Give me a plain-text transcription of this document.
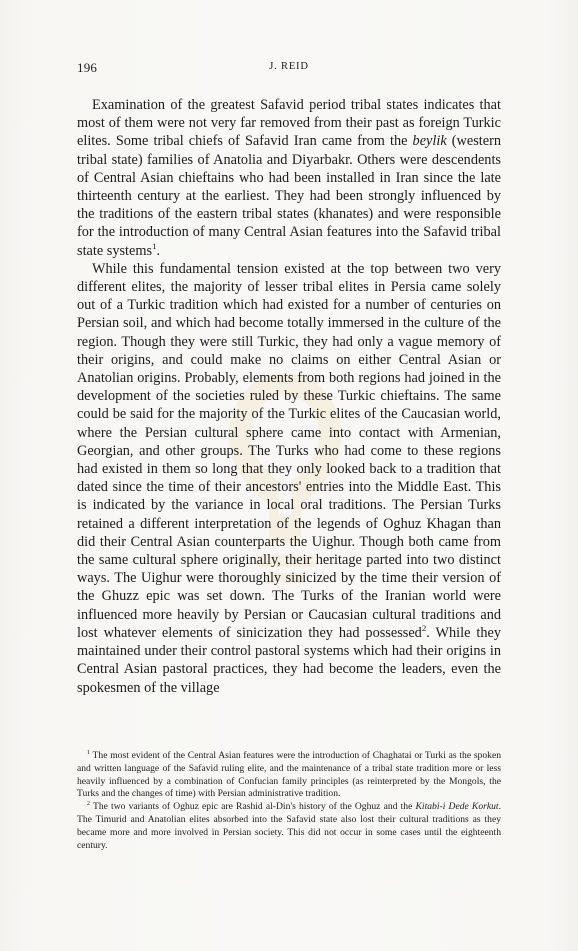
196	J. REID

Examination of the greatest Safavid period tribal states indicates that most of them were not very far removed from their past as foreign Turkic elites. Some tribal chiefs of Safavid Iran came from the beylik (western tribal state) families of Anatolia and Diyarbakr. Others were descendents of Central Asian chieftains who had been installed in Iran since the late thirteenth century at the earliest. They had been strongly influenced by the traditions of the eastern tribal states (khanates) and were responsible for the introduction of many Central Asian features into the Safavid tribal state systems$^1$.

While this fundamental tension existed at the top between two very different elites, the majority of lesser tribal elites in Persia came solely out of a Turkic tradition which had existed for a number of centuries on Persian soil, and which had become totally immersed in the culture of the region. Though they were still Turkic, they had only a vague memory of their origins, and could make no claims on either Central Asian or Anatolian origins. Probably, elements from both regions had joined in the development of the societies ruled by these Turkic chieftains. The same could be said for the majority of the Turkic elites of the Caucasian world, where the Persian cultural sphere came into contact with Armenian, Georgian, and other groups. The Turks who had come to these regions had existed in them so long that they only looked back to a tradition that dated since the time of their ancestors' entries into the Middle East. This is indicated by the variance in local oral traditions. The Persian Turks retained a different interpretation of the legends of Oghuz Khagan than did their Central Asian counterparts the Uighur. Though both came from the same cultural sphere originally, their heritage parted into two distinct ways. The Uighur were thoroughly sinicized by the time their version of the Ghuzz epic was set down. The Turks of the Iranian world were influenced more heavily by Persian or Caucasian cultural traditions and lost whatever elements of sinicization they had possessed$^2$. While they maintained under their control pastoral systems which had their origins in Central Asian pastoral practices, they had become the leaders, even the spokesmen of the village

$^1$ The most evident of the Central Asian features were the introduction of Chaghatai or Turki as the spoken and written language of the Safavid ruling elite, and the maintenance of a tribal state tradition more or less heavily influenced by a combination of Confucian family principles (as reinterpreted by the Mongols, the Turks and the changes of time) with Persian administrative tradition.

$^2$ The two variants of Oghuz epic are Rashid al-Din's history of the Oghuz and the Kitabi-i Dede Korkut. The Timurid and Anatolian elites absorbed into the Safavid state also lost their cultural traditions as they became more and more involved in Persian society. This did not occur in some cases until the eighteenth century.
